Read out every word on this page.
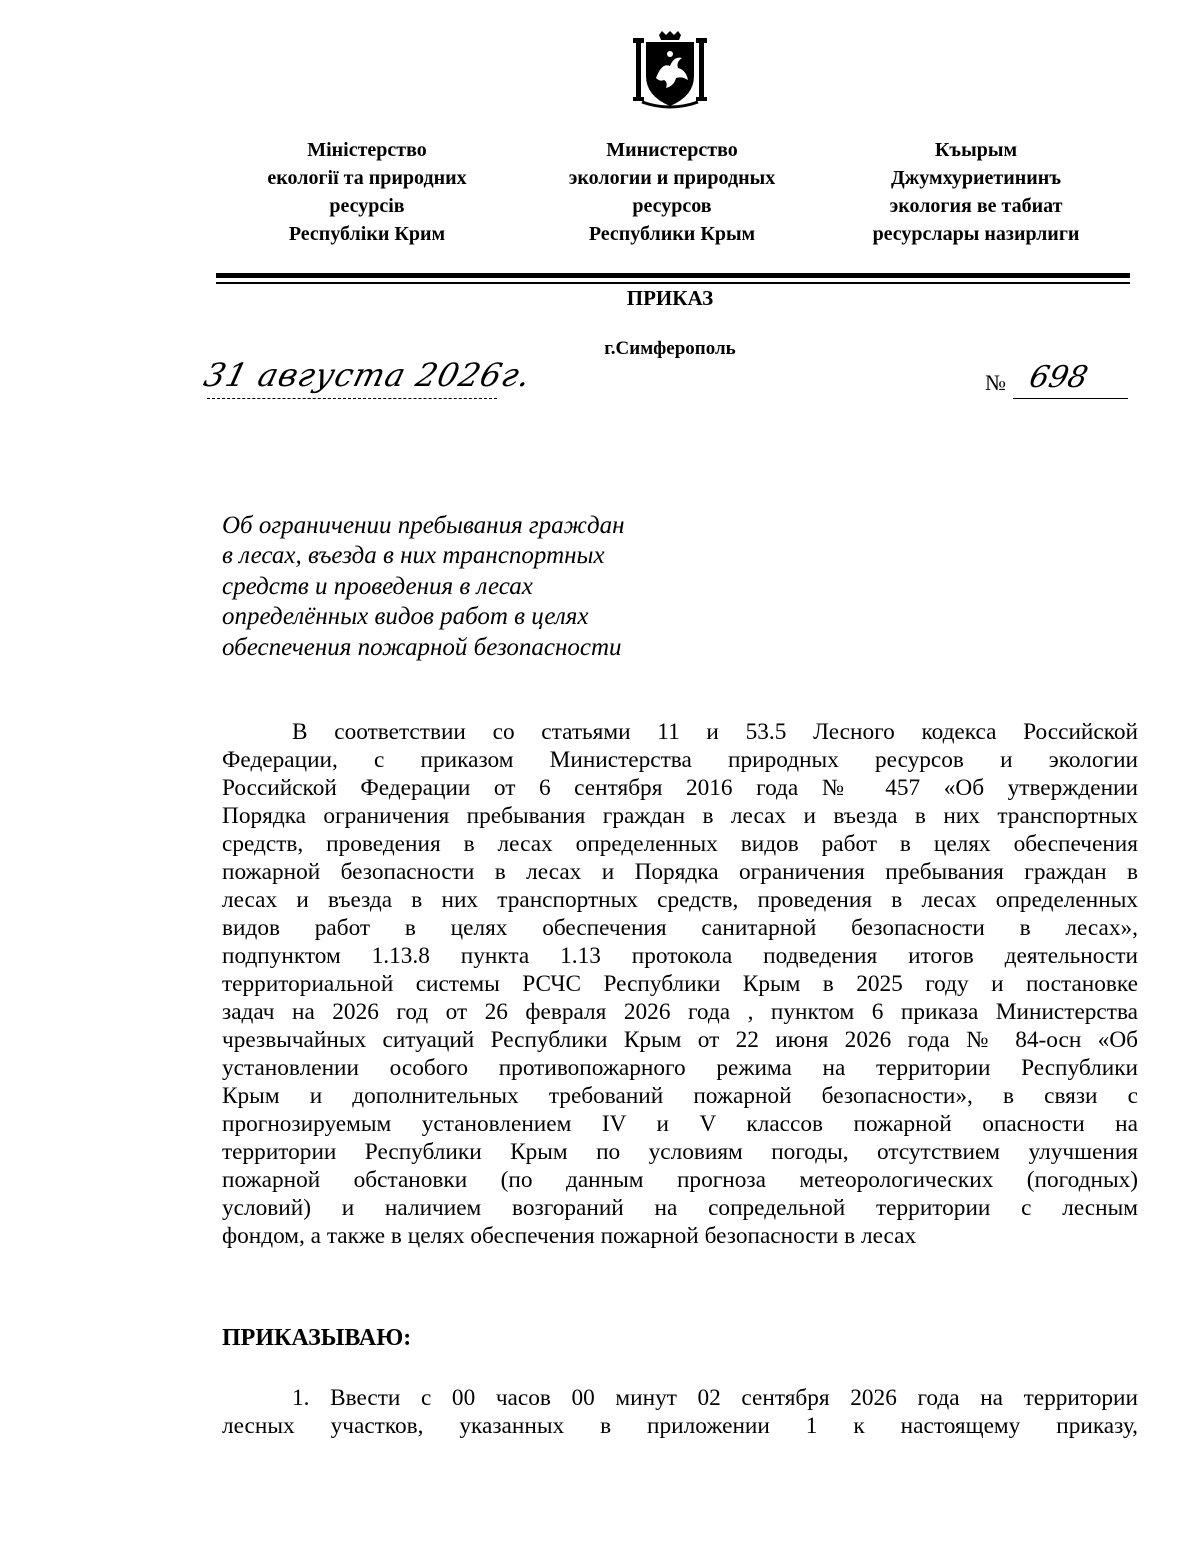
Міністерство
екології та природних
ресурсів
Республіки Крим
Министерство
экологии и природных
ресурсов
Республики Крым
Къырым
Джумхуриетининъ
экология ве табиат
ресурслары назирлиги
ПРИКАЗ
г.Симферополь
31 августа 2026г.	№ 698
Об ограничении пребывания граждан
в лесах, въезда в них транспортных
средств и проведения в лесах
определённых видов работ в целях
обеспечения пожарной безопасности
В соответствии со статьями 11 и 53.5 Лесного кодекса Российской
Федерации, с приказом Министерства природных ресурсов и экологии
Российской Федерации от 6 сентября 2016 года № 457 «Об утверждении
Порядка ограничения пребывания граждан в лесах и въезда в них транспортных
средств, проведения в лесах определенных видов работ в целях обеспечения
пожарной безопасности в лесах и Порядка ограничения пребывания граждан в
лесах и въезда в них транспортных средств, проведения в лесах определенных
видов работ в целях обеспечения санитарной безопасности в лесах»,
подпунктом 1.13.8 пункта 1.13 протокола подведения итогов деятельности
территориальной системы РСЧС Республики Крым в 2025 году и постановке
задач на 2026 год от 26 февраля 2026 года , пунктом 6 приказа Министерства
чрезвычайных ситуаций Республики Крым от 22 июня 2026 года № 84-осн «Об
установлении особого противопожарного режима на территории Республики
Крым и дополнительных требований пожарной безопасности», в связи с
прогнозируемым установлением IV и V классов пожарной опасности на
территории Республики Крым по условиям погоды, отсутствием улучшения
пожарной обстановки (по данным прогноза метеорологических (погодных)
условий) и наличием возгораний на сопредельной территории с лесным
фондом, а также в целях обеспечения пожарной безопасности в лесах
ПРИКАЗЫВАЮ:
1. Ввести с 00 часов 00 минут 02 сентября 2026 года на территории
лесных участков, указанных в приложении 1 к настоящему приказу,
